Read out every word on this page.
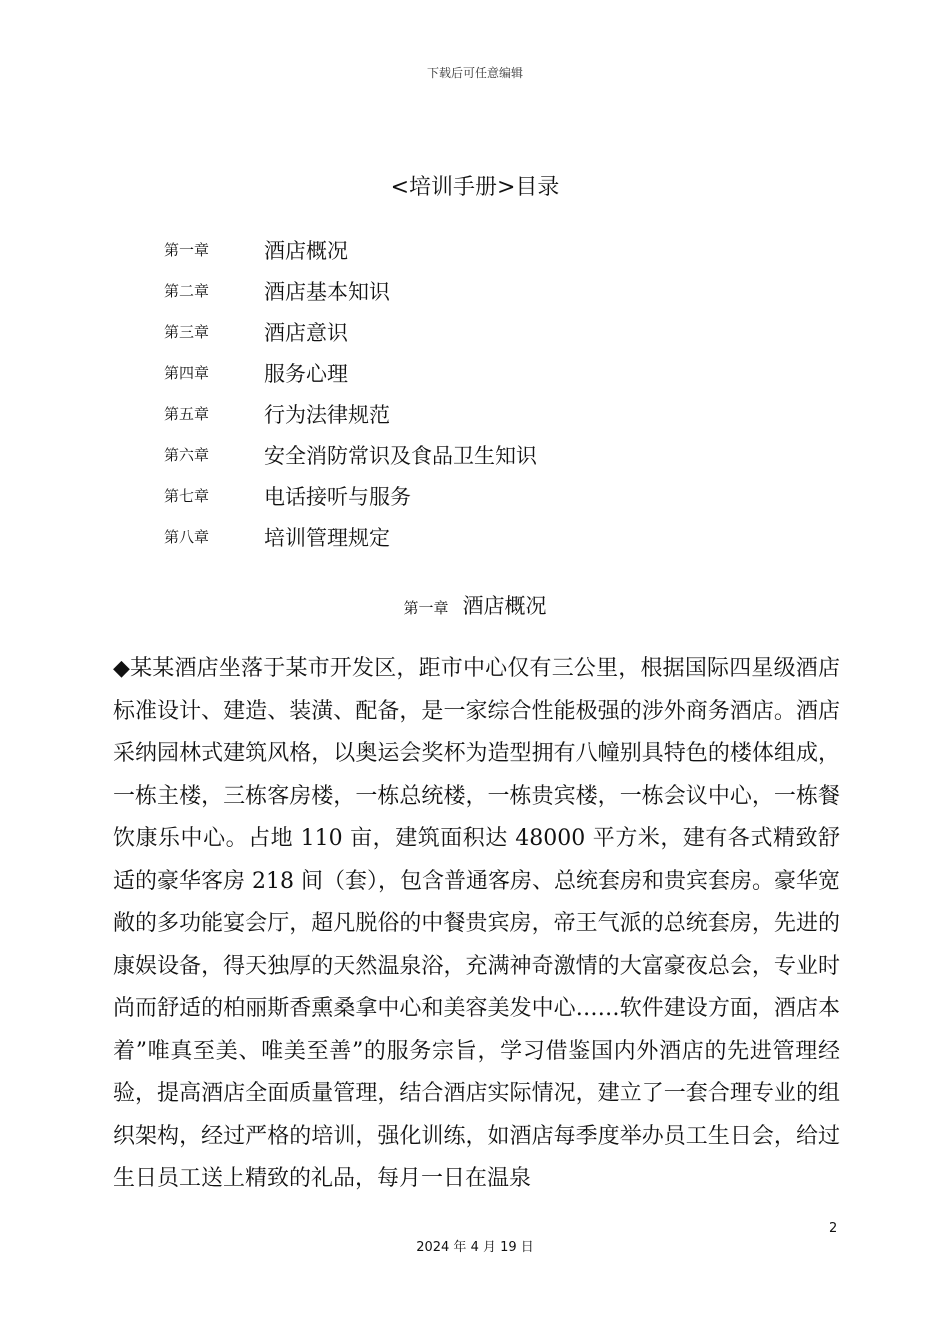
下载后可任意编辑
<培训手册>目录
第一章	酒店概况
第二章	酒店基本知识
第三章	酒店意识
第四章	服务心理
第五章	行为法律规范
第六章	安全消防常识及食品卫生知识
第七章	电话接听与服务
第八章	培训管理规定
第一章 酒店概况

◆某某酒店坐落于某市开发区，距市中心仅有三公里，根据国际四星级酒店标准设计、建造、装潢、配备，是一家综合性能极强的涉外商务酒店。酒店采纳园林式建筑风格，以奥运会奖杯为造型拥有八幢别具特色的楼体组成，一栋主楼，三栋客房楼，一栋总统楼，一栋贵宾楼，一栋会议中心，一栋餐饮康乐中心。占地 110 亩，建筑面积达 48000 平方米，建有各式精致舒适的豪华客房 218 间（套），包含普通客房、总统套房和贵宾套房。豪华宽敞的多功能宴会厅，超凡脱俗的中餐贵宾房，帝王气派的总统套房，先进的康娱设备，得天独厚的天然温泉浴，充满神奇激情的大富豪夜总会，专业时尚而舒适的柏丽斯香熏桑拿中心和美容美发中心……软件建设方面，酒店本着”唯真至美、唯美至善”的服务宗旨，学习借鉴国内外酒店的先进管理经验，提高酒店全面质量管理，结合酒店实际情况，建立了一套合理专业的组织架构，经过严格的培训，强化训练，如酒店每季度举办员工生日会，给过生日员工送上精致的礼品，每月一日在温泉

2
2024 年 4 月 19 日
